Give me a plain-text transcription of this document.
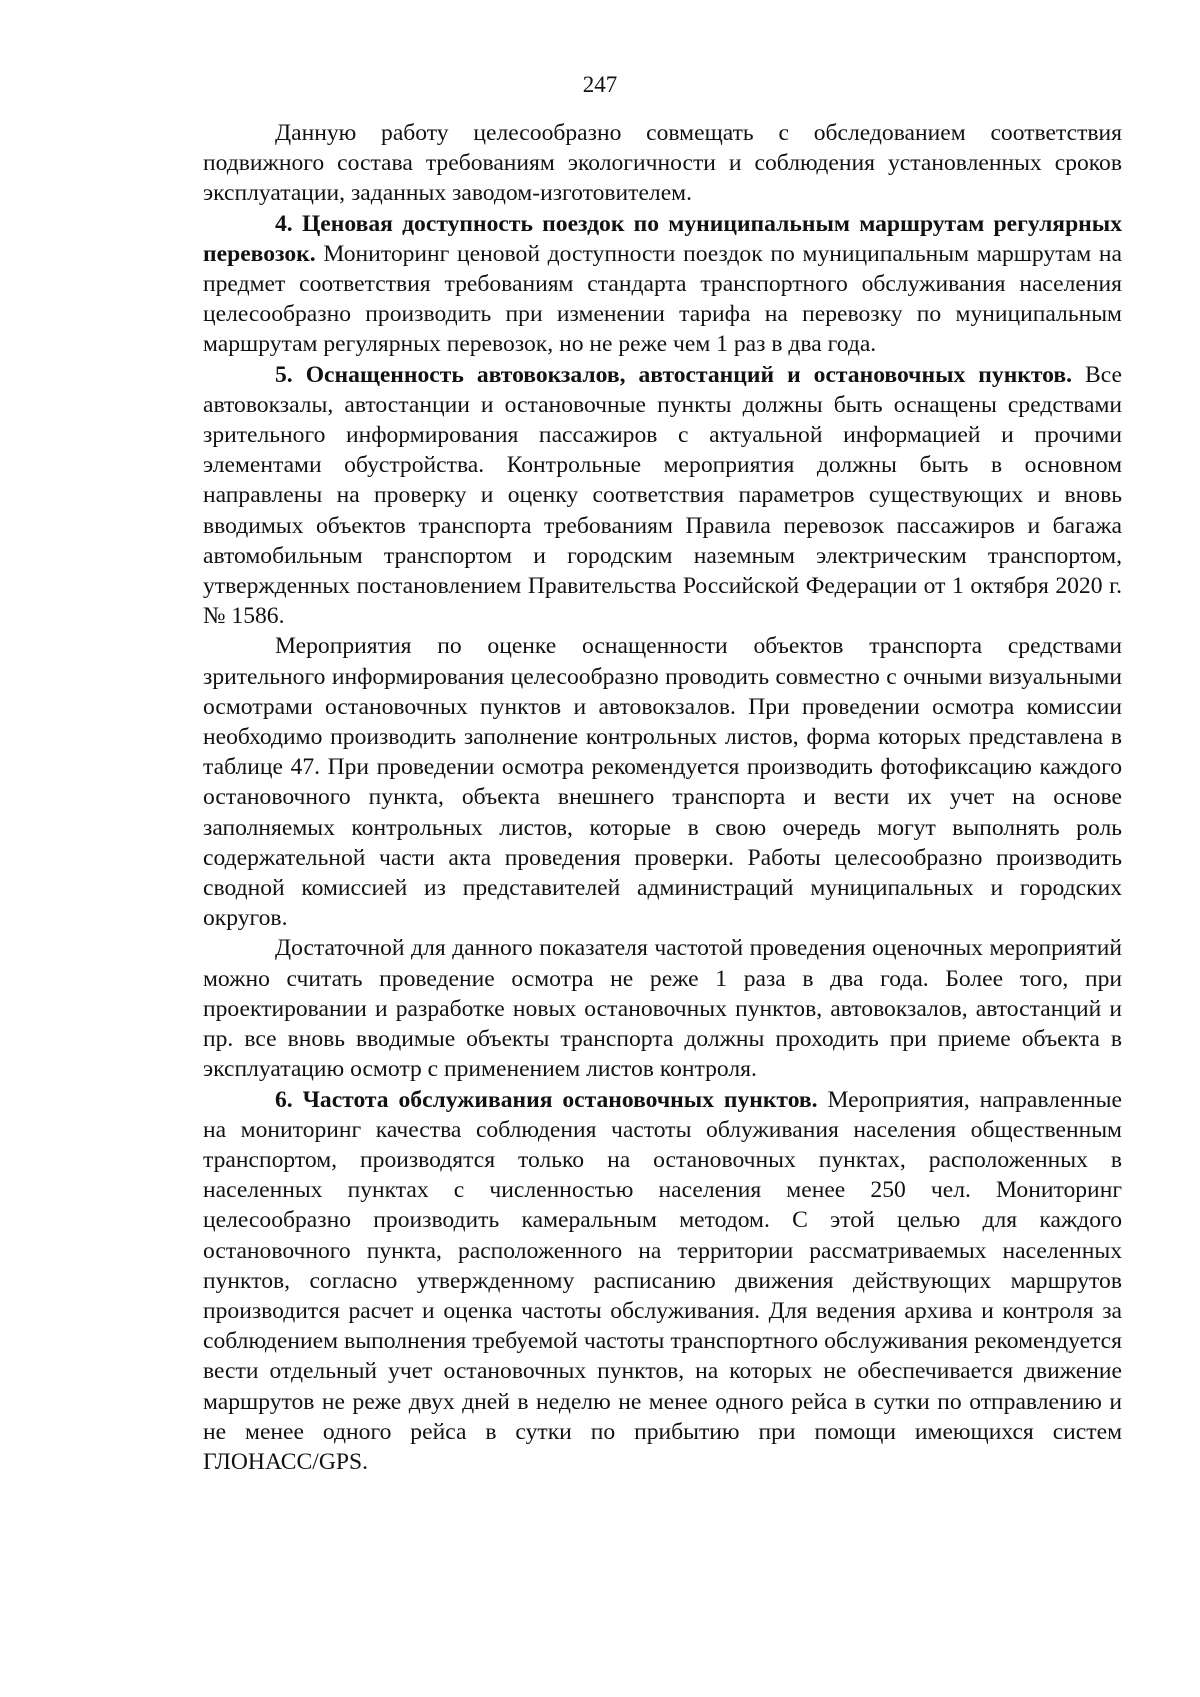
247

Данную работу целесообразно совмещать с обследованием соответствия подвижного состава требованиям экологичности и соблюдения установленных сроков эксплуатации, заданных заводом-изготовителем.

4. Ценовая доступность поездок по муниципальным маршрутам регулярных перевозок. Мониторинг ценовой доступности поездок по муниципальным маршрутам на предмет соответствия требованиям стандарта транспортного обслуживания населения целесообразно производить при изменении тарифа на перевозку по муниципальным маршрутам регулярных перевозок, но не реже чем 1 раз в два года.

5. Оснащенность автовокзалов, автостанций и остановочных пунктов. Все автовокзалы, автостанции и остановочные пункты должны быть оснащены средствами зрительного информирования пассажиров с актуальной информацией и прочими элементами обустройства. Контрольные мероприятия должны быть в основном направлены на проверку и оценку соответствия параметров существующих и вновь вводимых объектов транспорта требованиям Правила перевозок пассажиров и багажа автомобильным транспортом и городским наземным электрическим транспортом, утвержденных постановлением Правительства Российской Федерации от 1 октября 2020 г. № 1586.

Мероприятия по оценке оснащенности объектов транспорта средствами зрительного информирования целесообразно проводить совместно с очными визуальными осмотрами остановочных пунктов и автовокзалов. При проведении осмотра комиссии необходимо производить заполнение контрольных листов, форма которых представлена в таблице 47. При проведении осмотра рекомендуется производить фотофиксацию каждого остановочного пункта, объекта внешнего транспорта и вести их учет на основе заполняемых контрольных листов, которые в свою очередь могут выполнять роль содержательной части акта проведения проверки. Работы целесообразно производить сводной комиссией из представителей администраций муниципальных и городских округов.

Достаточной для данного показателя частотой проведения оценочных мероприятий можно считать проведение осмотра не реже 1 раза в два года. Более того, при проектировании и разработке новых остановочных пунктов, автовокзалов, автостанций и пр. все вновь вводимые объекты транспорта должны проходить при приеме объекта в эксплуатацию осмотр с применением листов контроля.

6. Частота обслуживания остановочных пунктов. Мероприятия, направленные на мониторинг качества соблюдения частоты облуживания населения общественным транспортом, производятся только на остановочных пунктах, расположенных в населенных пунктах с численностью населения менее 250 чел. Мониторинг целесообразно производить камеральным методом. С этой целью для каждого остановочного пункта, расположенного на территории рассматриваемых населенных пунктов, согласно утвержденному расписанию движения действующих маршрутов производится расчет и оценка частоты обслуживания. Для ведения архива и контроля за соблюдением выполнения требуемой частоты транспортного обслуживания рекомендуется вести отдельный учет остановочных пунктов, на которых не обеспечивается движение маршрутов не реже двух дней в неделю не менее одного рейса в сутки по отправлению и не менее одного рейса в сутки по прибытию при помощи имеющихся систем ГЛОНАСС/GPS.
